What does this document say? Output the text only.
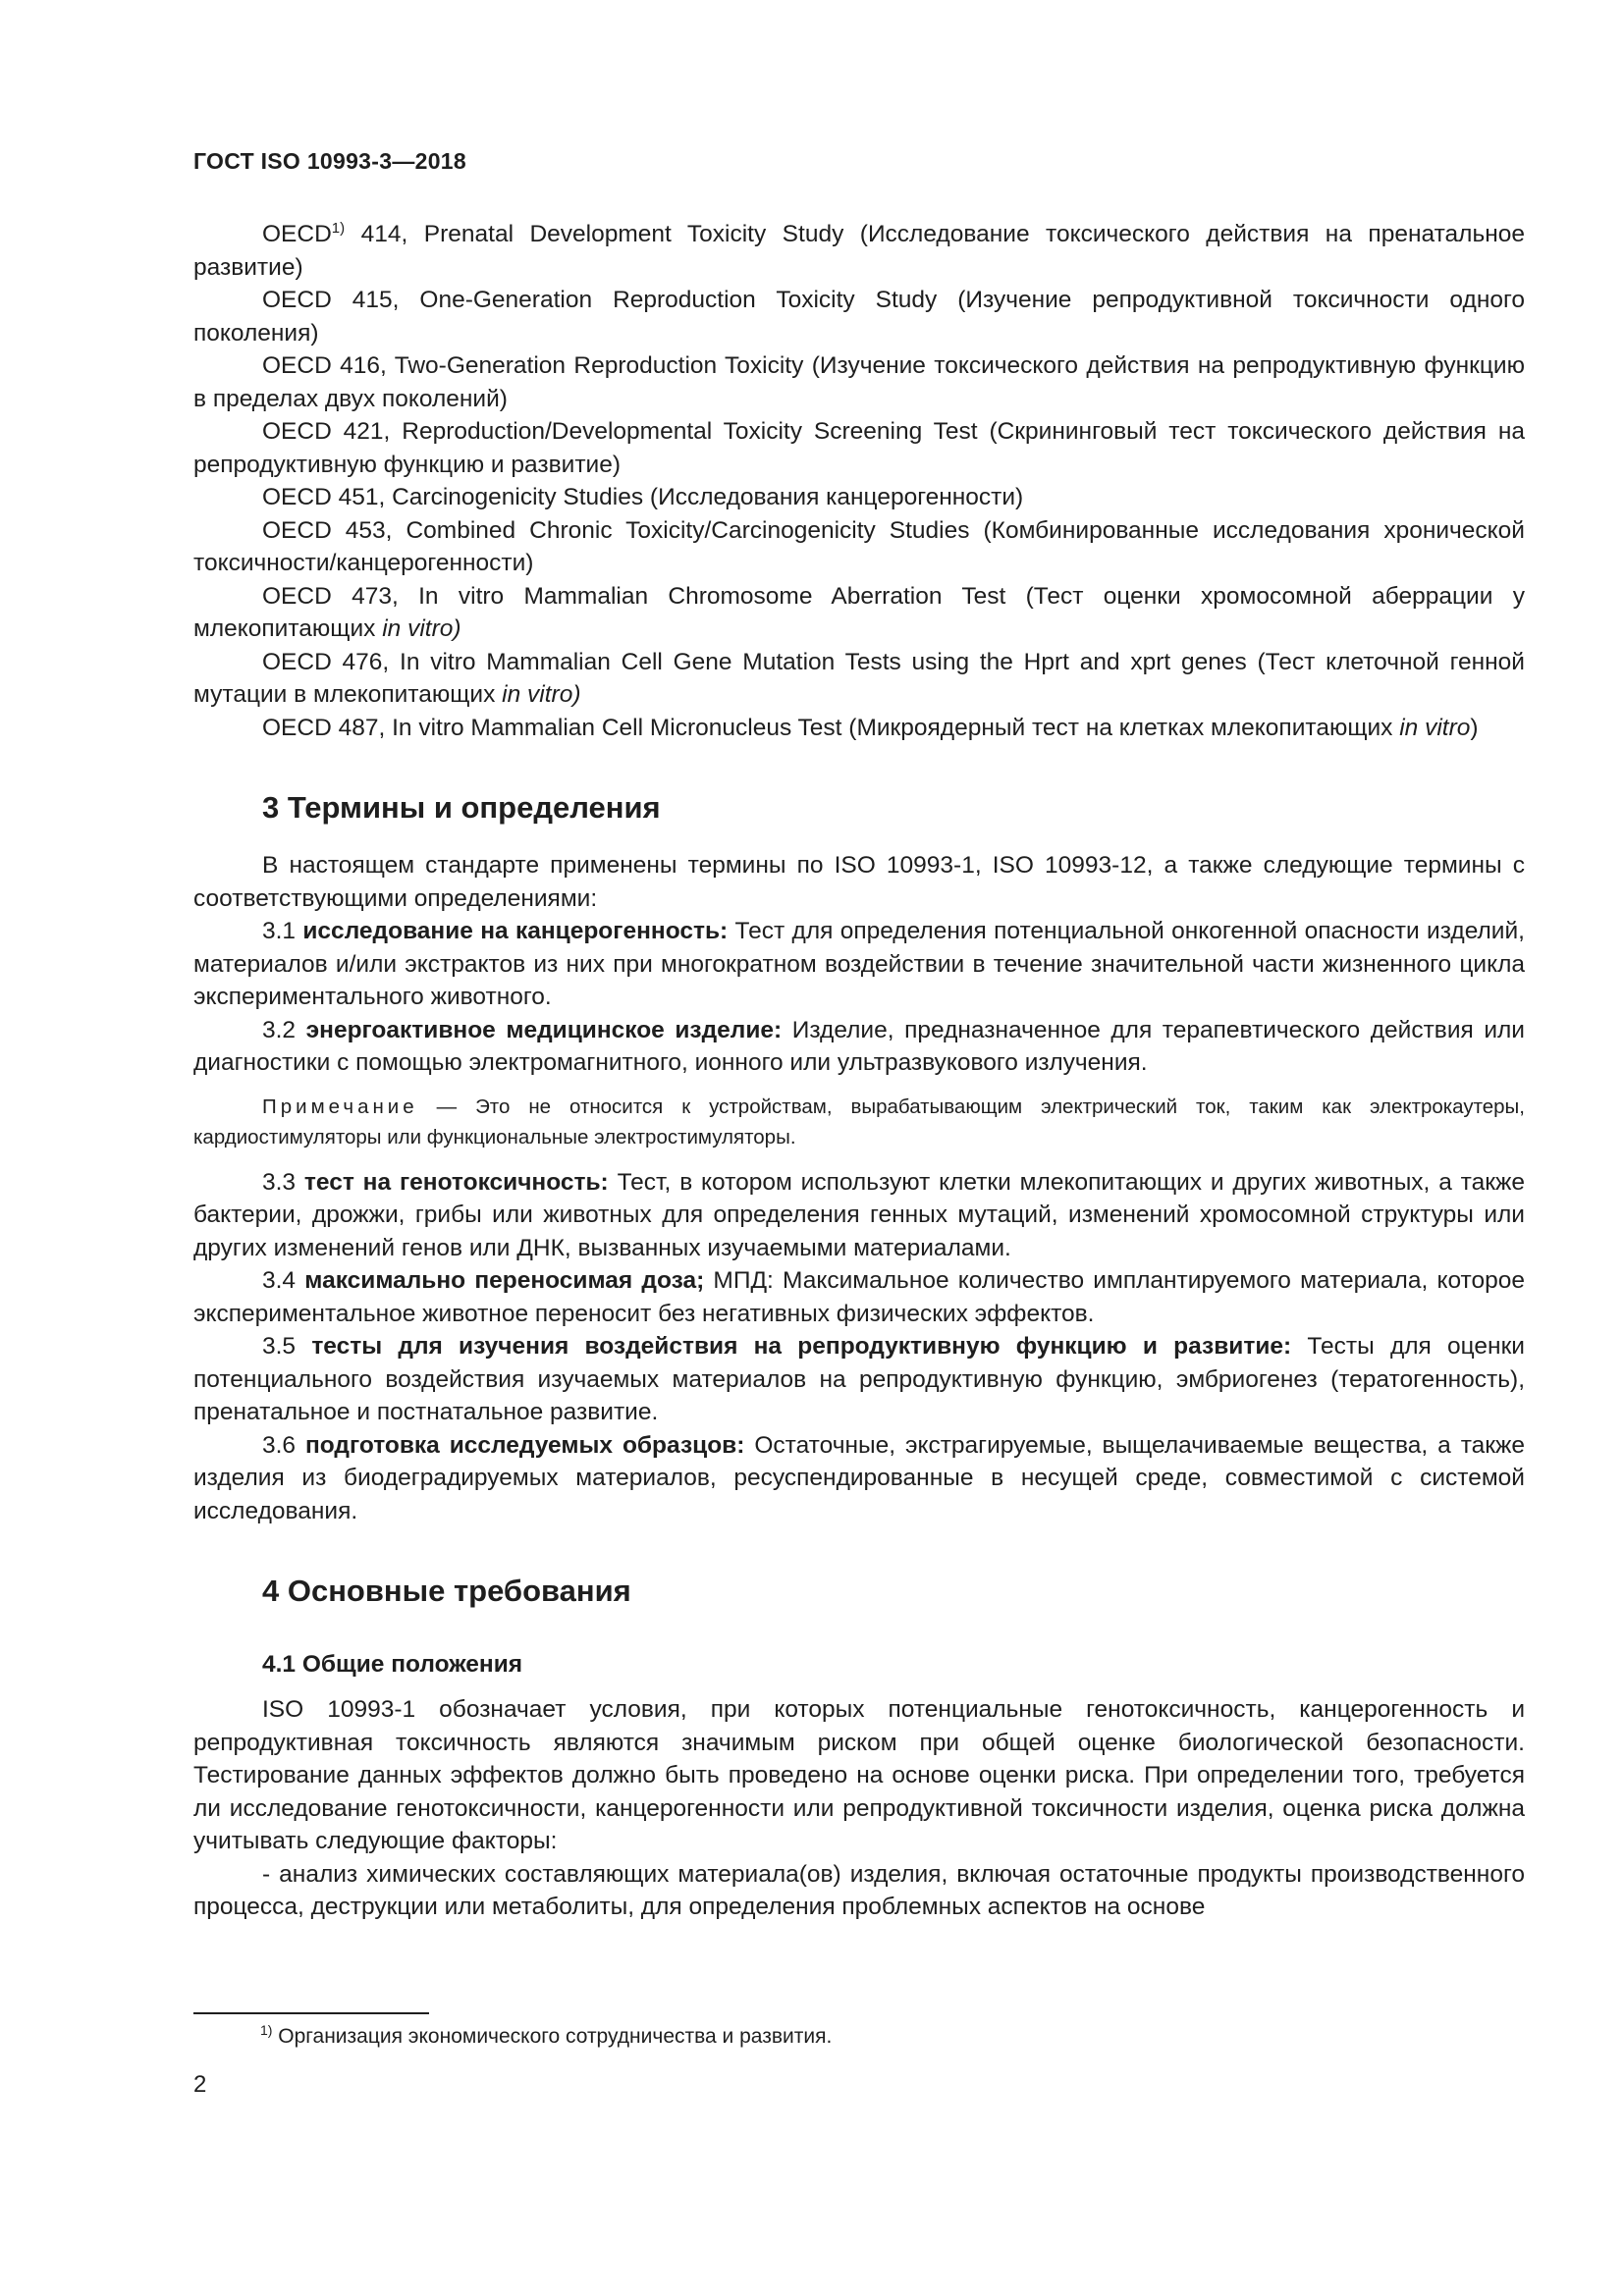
ГОСТ ISO 10993-3—2018

OECD$^{1)}$ 414, Prenatal Development Toxicity Study (Исследование токсического действия на пренатальное развитие)

OECD 415, One-Generation Reproduction Toxicity Study (Изучение репродуктивной токсичности одного поколения)

OECD 416, Two-Generation Reproduction Toxicity (Изучение токсического действия на репродуктивную функцию в пределах двух поколений)

OECD 421, Reproduction/Developmental Toxicity Screening Test (Скрининговый тест токсического действия на репродуктивную функцию и развитие)

OECD 451, Carcinogenicity Studies (Исследования канцерогенности)

OECD 453, Combined Chronic Toxicity/Carcinogenicity Studies (Комбинированные исследования хронической токсичности/канцерогенности)

OECD 473, In vitro Mammalian Chromosome Aberration Test (Тест оценки хромосомной аберрации у млекопитающих in vitro)

OECD 476, In vitro Mammalian Cell Gene Mutation Tests using the Hprt and xprt genes (Тест клеточной генной мутации в млекопитающих in vitro)

OECD 487, In vitro Mammalian Cell Micronucleus Test (Микроядерный тест на клетках млекопитающих in vitro)

3 Термины и определения

В настоящем стандарте применены термины по ISO 10993-1, ISO 10993-12, а также следующие термины с соответствующими определениями:

3.1 исследование на канцерогенность: Тест для определения потенциальной онкогенной опасности изделий, материалов и/или экстрактов из них при многократном воздействии в течение значительной части жизненного цикла экспериментального животного.

3.2 энергоактивное медицинское изделие: Изделие, предназначенное для терапевтического действия или диагностики с помощью электромагнитного, ионного или ультразвукового излучения.

Примечание — Это не относится к устройствам, вырабатывающим электрический ток, таким как электрокаутеры, кардиостимуляторы или функциональные электростимуляторы.

3.3 тест на генотоксичность: Тест, в котором используют клетки млекопитающих и других животных, а также бактерии, дрожжи, грибы или животных для определения генных мутаций, изменений хромосомной структуры или других изменений генов или ДНК, вызванных изучаемыми материалами.

3.4 максимально переносимая доза; МПД: Максимальное количество имплантируемого материала, которое экспериментальное животное переносит без негативных физических эффектов.

3.5 тесты для изучения воздействия на репродуктивную функцию и развитие: Тесты для оценки потенциального воздействия изучаемых материалов на репродуктивную функцию, эмбриогенез (тератогенность), пренатальное и постнатальное развитие.

3.6 подготовка исследуемых образцов: Остаточные, экстрагируемые, выщелачиваемые вещества, а также изделия из биодеградируемых материалов, ресуспендированные в несущей среде, совместимой с системой исследования.

4 Основные требования
4.1 Общие положения

ISO 10993-1 обозначает условия, при которых потенциальные генотоксичность, канцерогенность и репродуктивная токсичность являются значимым риском при общей оценке биологической безопасности. Тестирование данных эффектов должно быть проведено на основе оценки риска. При определении того, требуется ли исследование генотоксичности, канцерогенности или репродуктивной токсичности изделия, оценка риска должна учитывать следующие факторы:

- анализ химических составляющих материала(ов) изделия, включая остаточные продукты производственного процесса, деструкции или метаболиты, для определения проблемных аспектов на основе

$^{1)}$ Организация экономического сотрудничества и развития.
2
